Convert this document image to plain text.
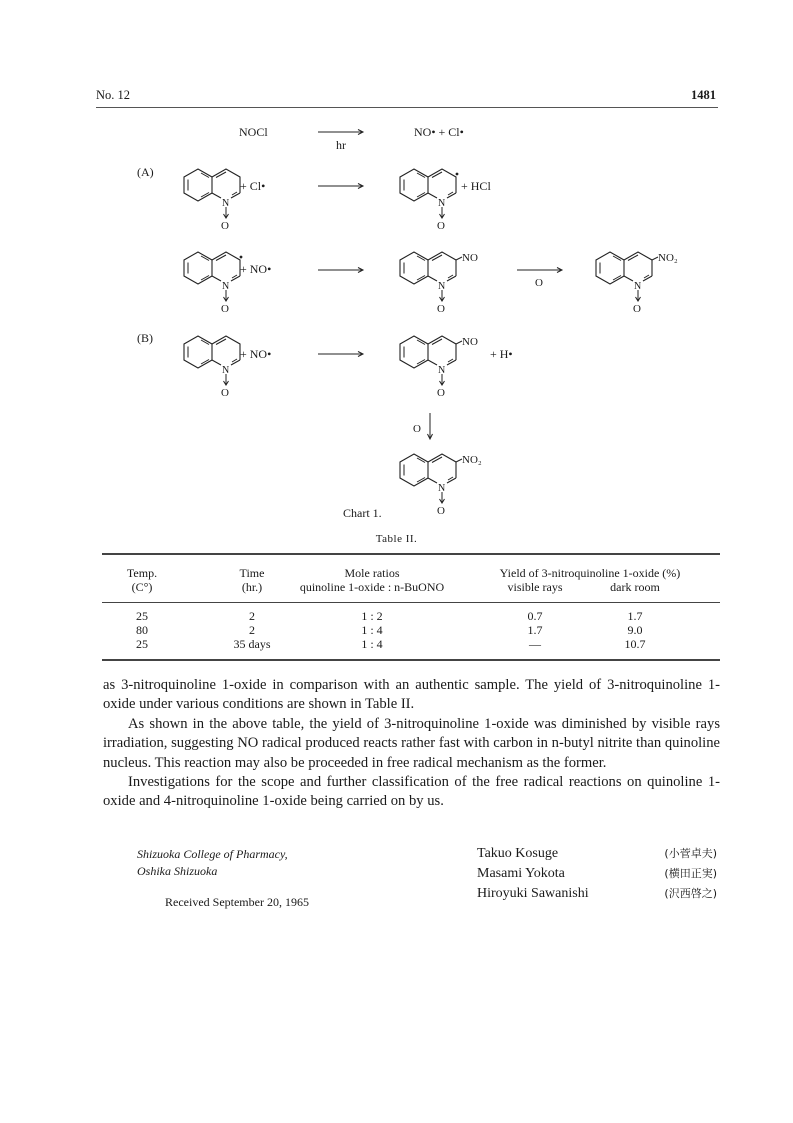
No. 12	1481
NOCl
hr
NO• + Cl•
(A)
N
O
+ Cl•
N
O
+ HCl
N
O
+ NO•
NO
N
O
O
NO₂
N
O
(B)
N
O
+ NO•
NO
N
O
+ H•
O
NO₂
N
O
Chart 1.
Table II.
Temp.
(C°)
Time
(hr.)
Mole ratios
quinoline 1-oxide : n-BuONO
Yield of 3-nitroquinoline 1-oxide (%)
visible rays	dark room
25	2	1 : 2	0.7	1.7
80	2	1 : 4	1.7	9.0
25	35 days	1 : 4	—	10.7

as 3-nitroquinoline 1-oxide in comparison with an authentic sample. The yield of 3-nitroquinoline 1-oxide under various conditions are shown in Table II.

As shown in the above table, the yield of 3-nitroquinoline 1-oxide was diminished by visible rays irradiation, suggesting NO radical produced reacts rather fast with carbon in n-butyl nitrite than quinoline nucleus. This reaction may also be proceeded in free radical mechanism as the former.

Investigations for the scope and further classification of the free radical reactions on quinoline 1-oxide and 4-nitroquinoline 1-oxide being carried on by us.

Shizuoka College of Pharmacy,
Oshika Shizuoka
Received September 20, 1965
Takuo Kosuge	(小菅卓夫)
Masami Yokota	(横田正実)
Hiroyuki Sawanishi	(沢西啓之)
